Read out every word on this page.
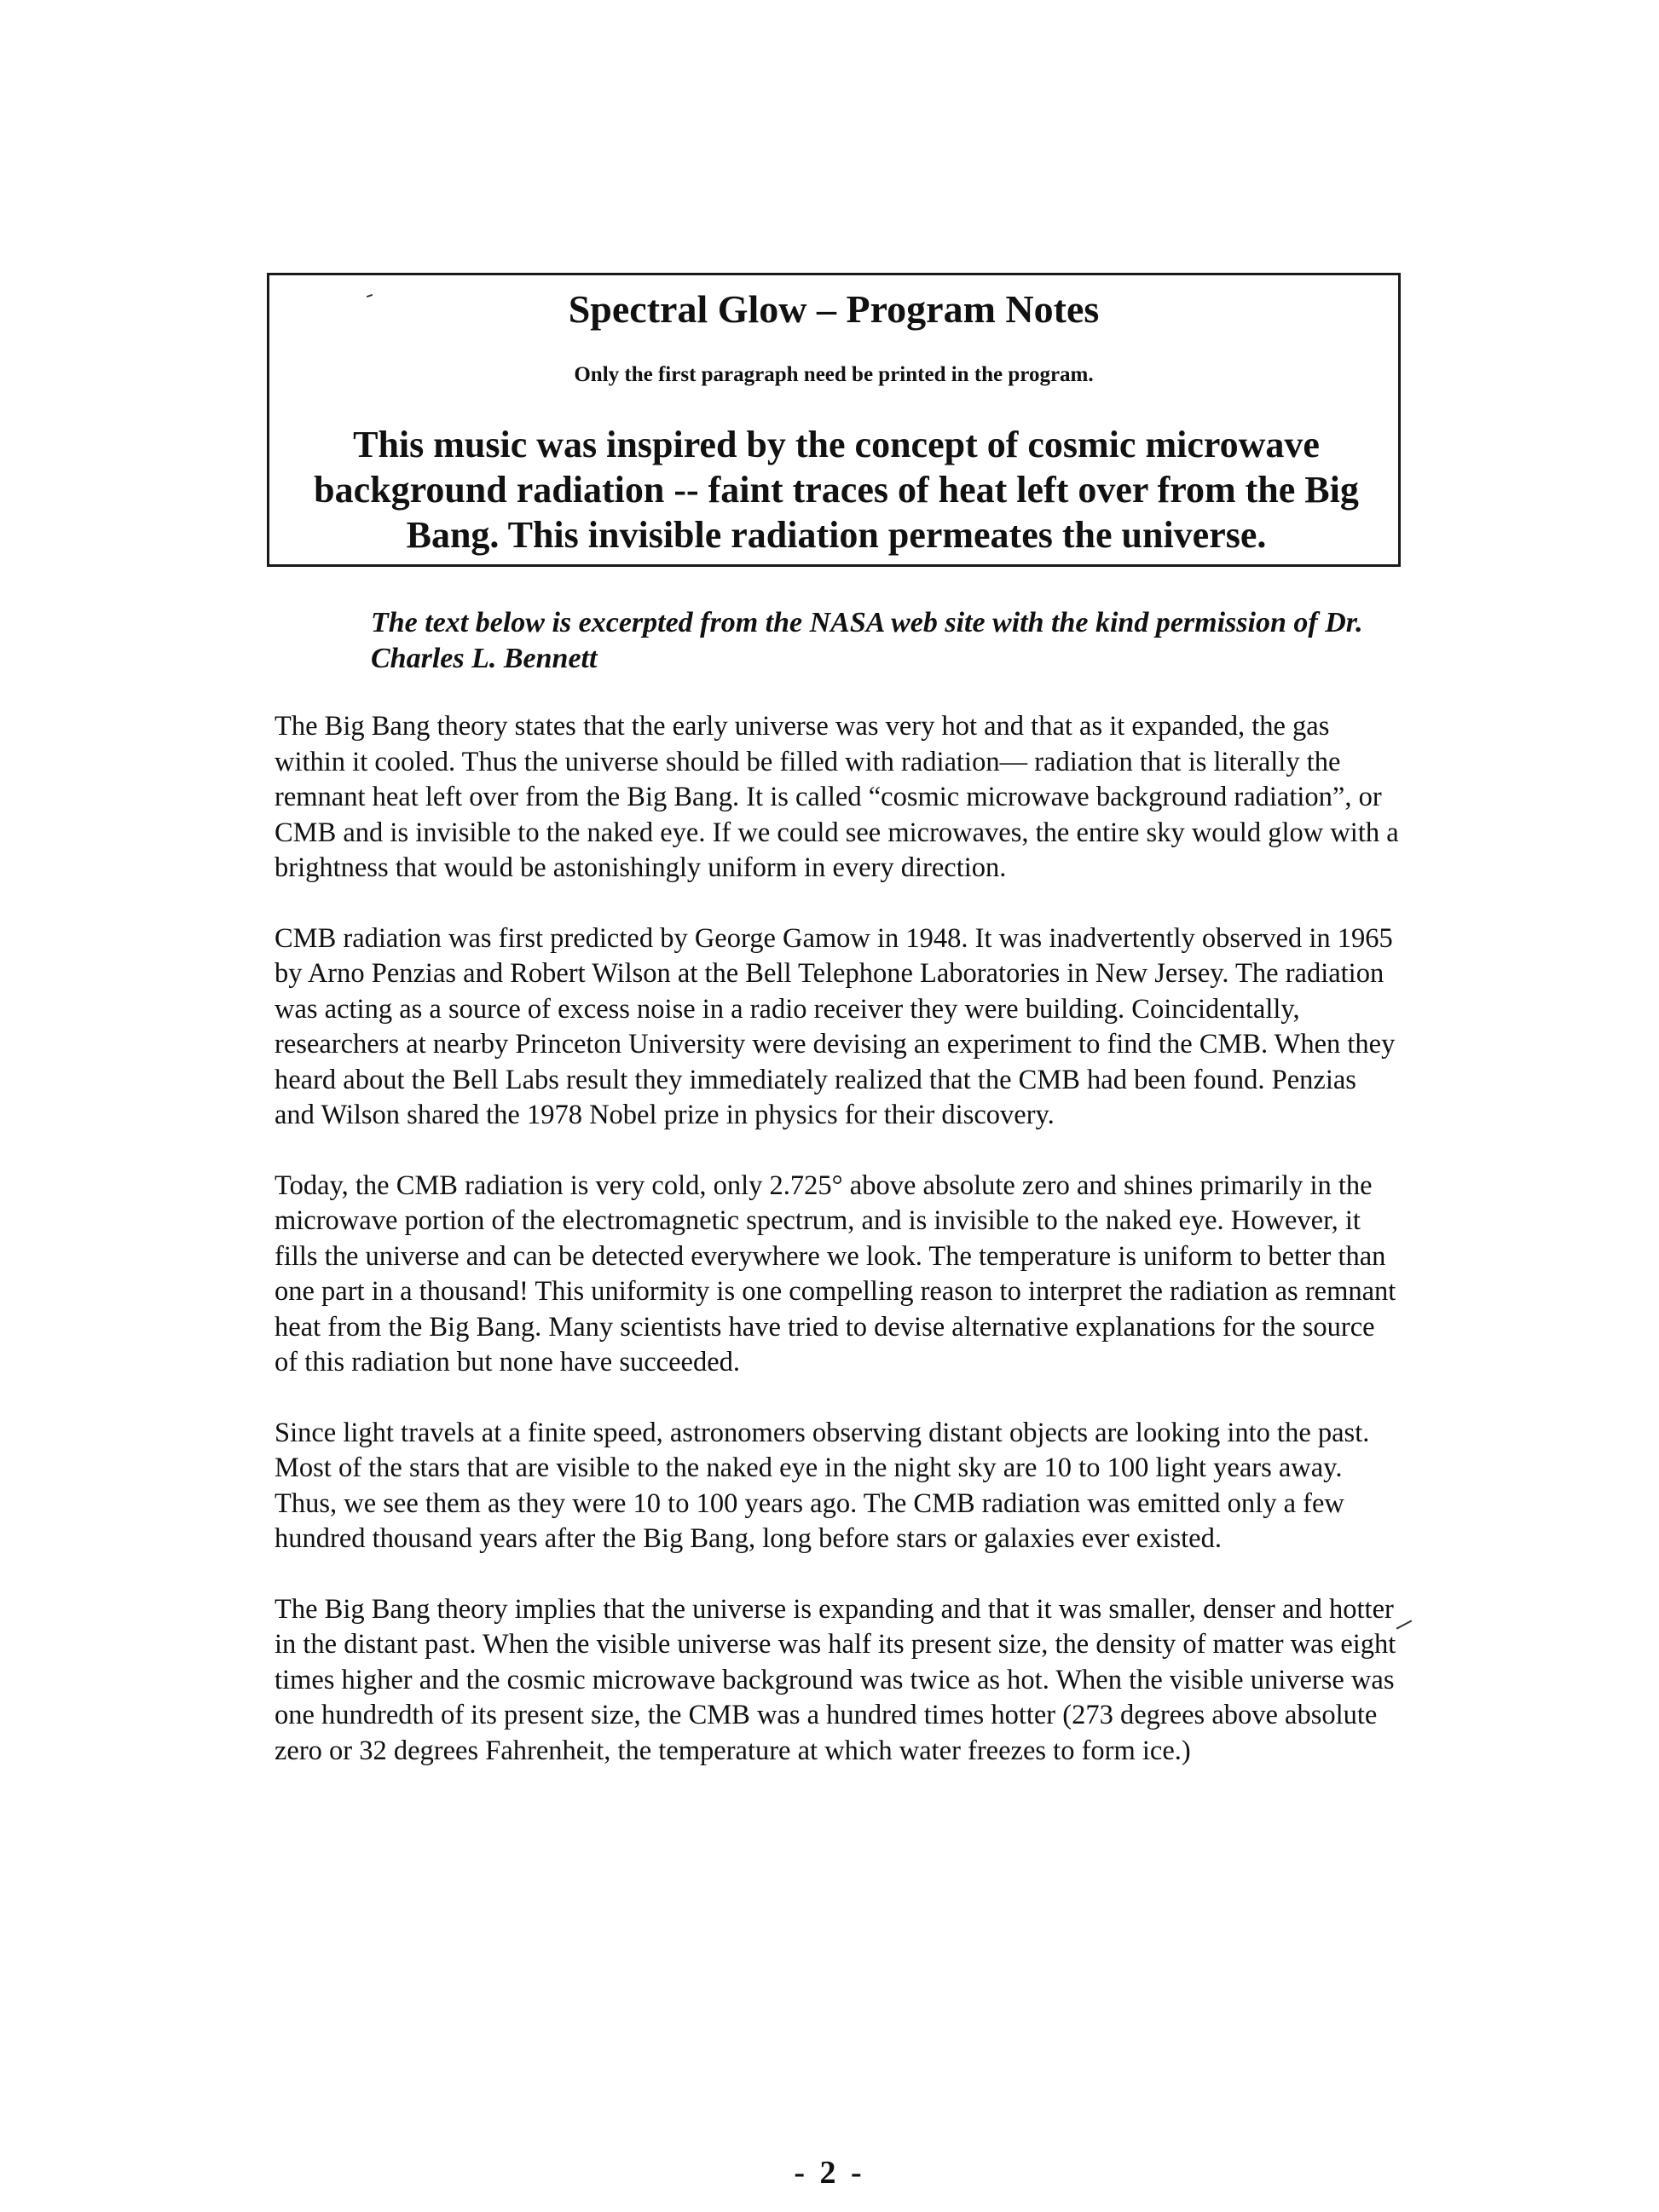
Spectral Glow – Program Notes
Only the first paragraph need be printed in the program.

This music was inspired by the concept of cosmic microwave background radiation -- faint traces of heat left over from the Big Bang. This invisible radiation permeates the universe.

The text below is excerpted from the NASA web site with the kind permission of Dr. Charles L. Bennett

The Big Bang theory states that the early universe was very hot and that as it expanded, the gas within it cooled. Thus the universe should be filled with radiation— radiation that is literally the remnant heat left over from the Big Bang. It is called “cosmic microwave background radiation”, or CMB and is invisible to the naked eye. If we could see microwaves, the entire sky would glow with a brightness that would be astonishingly uniform in every direction.

CMB radiation was first predicted by George Gamow in 1948. It was inadvertently observed in 1965 by Arno Penzias and Robert Wilson at the Bell Telephone Laboratories in New Jersey. The radiation was acting as a source of excess noise in a radio receiver they were building. Coincidentally, researchers at nearby Princeton University were devising an experiment to find the CMB. When they heard about the Bell Labs result they immediately realized that the CMB had been found. Penzias and Wilson shared the 1978 Nobel prize in physics for their discovery.

Today, the CMB radiation is very cold, only 2.725° above absolute zero and shines primarily in the microwave portion of the electromagnetic spectrum, and is invisible to the naked eye. However, it fills the universe and can be detected everywhere we look. The temperature is uniform to better than one part in a thousand! This uniformity is one compelling reason to interpret the radiation as remnant heat from the Big Bang. Many scientists have tried to devise alternative explanations for the source of this radiation but none have succeeded.

Since light travels at a finite speed, astronomers observing distant objects are looking into the past. Most of the stars that are visible to the naked eye in the night sky are 10 to 100 light years away. Thus, we see them as they were 10 to 100 years ago. The CMB radiation was emitted only a few hundred thousand years after the Big Bang, long before stars or galaxies ever existed.

The Big Bang theory implies that the universe is expanding and that it was smaller, denser and hotter in the distant past. When the visible universe was half its present size, the density of matter was eight times higher and the cosmic microwave background was twice as hot. When the visible universe was one hundredth of its present size, the CMB was a hundred times hotter (273 degrees above absolute zero or 32 degrees Fahrenheit, the temperature at which water freezes to form ice.)

- 2 -
